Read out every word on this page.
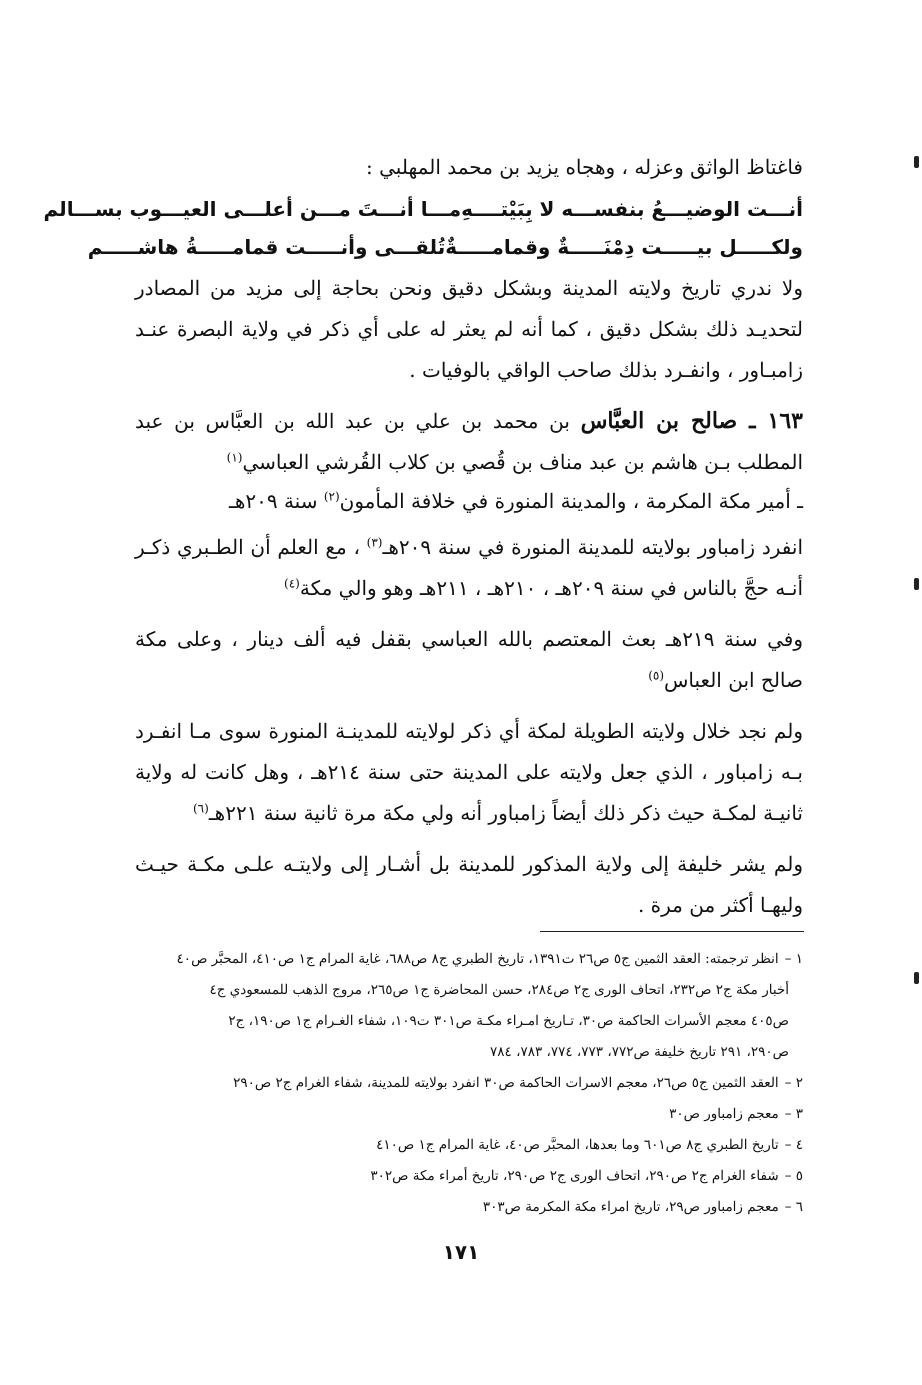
فاغتاظ الواثق وعزله ، وهجاه يزيد بن محمد المهلبي :

أنـــت الوضيـــعُ بنفســـه لا بِبَيْتــــهِ
مـــا أنـــتَ مـــن أعلـــى العيـــوب بســـالم
ولكـــــل بيـــــت دِمْنَـــــةٌ وقمامـــــةٌ
تُلقـــى وأنـــــت قمامـــــةُ هاشـــــم

ولا ندري تاريخ ولايته المدينة وبشكل دقيق ونحن بحاجة إلى مزيد من المصادر لتحديـد ذلك بشكل دقيق ، كما أنه لم يعثر له على أي ذكر في ولاية البصرة عنـد زامبـاور ، وانفـرد بذلك صاحب الواقي بالوفيات .

١٦٣ ـ صالح بن العبَّاس بن محمد بن علي بن عبد الله بن العبَّاس بن عبد المطلب بـن هاشم بن عبد مناف بن قُصي بن كلاب القُرشي العباسي$^{(١)}$

ـ أمير مكة المكرمة ، والمدينة المنورة في خلافة المأمون$^{(٢)}$ سنة ٢٠٩هـ

انفرد زامباور بولايته للمدينة المنورة في سنة ٢٠٩هـ$^{(٣)}$ ، مع العلم أن الطـبري ذكـر أنـه حجَّ بالناس في سنة ٢٠٩هـ ، ٢١٠هـ ، ٢١١هـ وهو والي مكة$^{(٤)}$

وفي سنة ٢١٩هـ بعث المعتصم بالله العباسي بقفل فيه ألف دينار ، وعلى مكة صالح ابن العباس$^{(٥)}$

ولم نجد خلال ولايته الطويلة لمكة أي ذكر لولايته للمدينـة المنورة سوى مـا انفـرد بـه زامباور ، الذي جعل ولايته على المدينة حتى سنة ٢١٤هـ ، وهل كانت له ولاية ثانيـة لمكـة حيث ذكر ذلك أيضاً زامباور أنه ولي مكة مرة ثانية سنة ٢٢١هـ$^{(٦)}$

ولم يشر خليفة إلى ولاية المذكور للمدينة بل أشـار إلى ولايتـه علـى مكـة حيـث وليهـا أكثر من مرة .

١ –انظر ترجمته: العقد الثمين ج٥ ص٢٦ ت١٣٩١، تاريخ الطبري ج٨ ص٦٨٨، غاية المرام ج١ ص٤١٠، المحبَّر ص٤٠

أخبار مكة ج٢ ص٢٣٢، اتحاف الورى ج٢ ص٢٨٤، حسن المحاضرة ج١ ص٢٦٥، مروج الذهب للمسعودي ج٤

ص٤٠٥ معجم الأسرات الحاكمة ص٣٠، تـاريخ امـراء مكـة ص٣٠١ ت١٠٩، شفاء الغـرام ج١ ص١٩٠، ج٢

ص٢٩٠، ٢٩١ تاريخ خليفة ص٧٧٢، ٧٧٣، ٧٧٤، ٧٨٣، ٧٨٤

٢ –العقد الثمين ج٥ ص٢٦، معجم الاسرات الحاكمة ص٣٠ انفرد بولايته للمدينة، شفاء الغرام ج٢ ص٢٩٠

٣ –معجم زامباور ص٣٠

٤ –تاريخ الطبري ج٨ ص٦٠١ وما بعدها، المحبَّر ص٤٠، غاية المرام ج١ ص٤١٠

٥ –شفاء الغرام ج٢ ص٢٩٠، اتحاف الورى ج٢ ص٢٩٠، تاريخ أمراء مكة ص٣٠٢

٦ –معجم زامباور ص٢٩، تاريخ امراء مكة المكرمة ص٣٠٣

١٧١
